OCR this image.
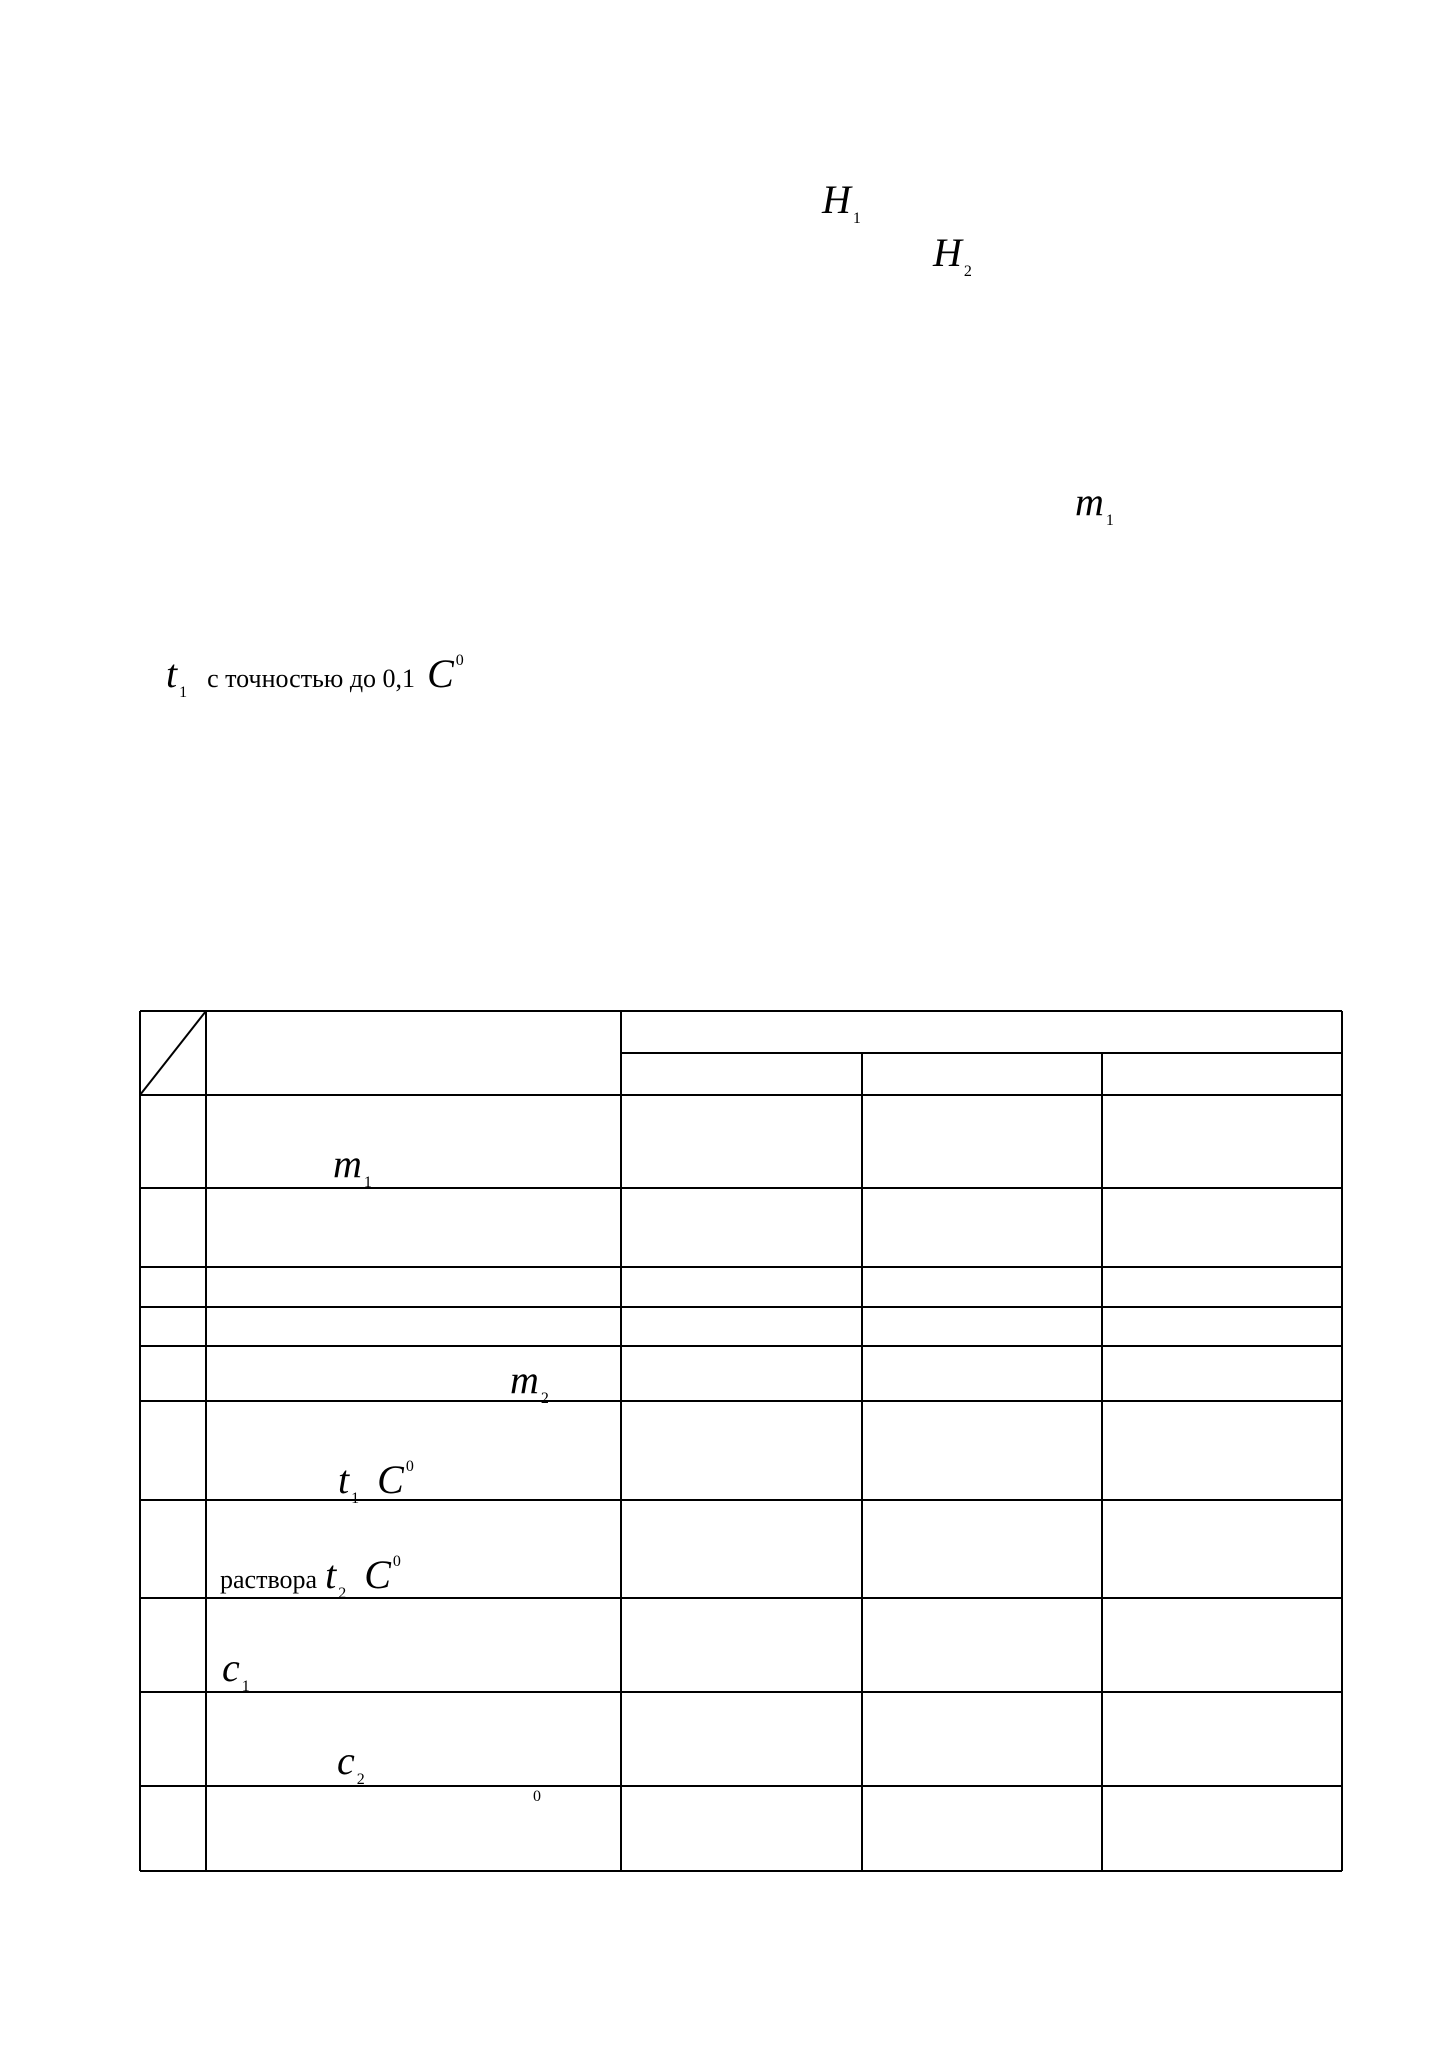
H $_1$
H $_2$
m $_1$
t 1 с точностью до 0,1 C 0
m $_1$
m $_2$
t 1 C 0
раствора t 2 C 0
c $_1$
c $_2$
0
